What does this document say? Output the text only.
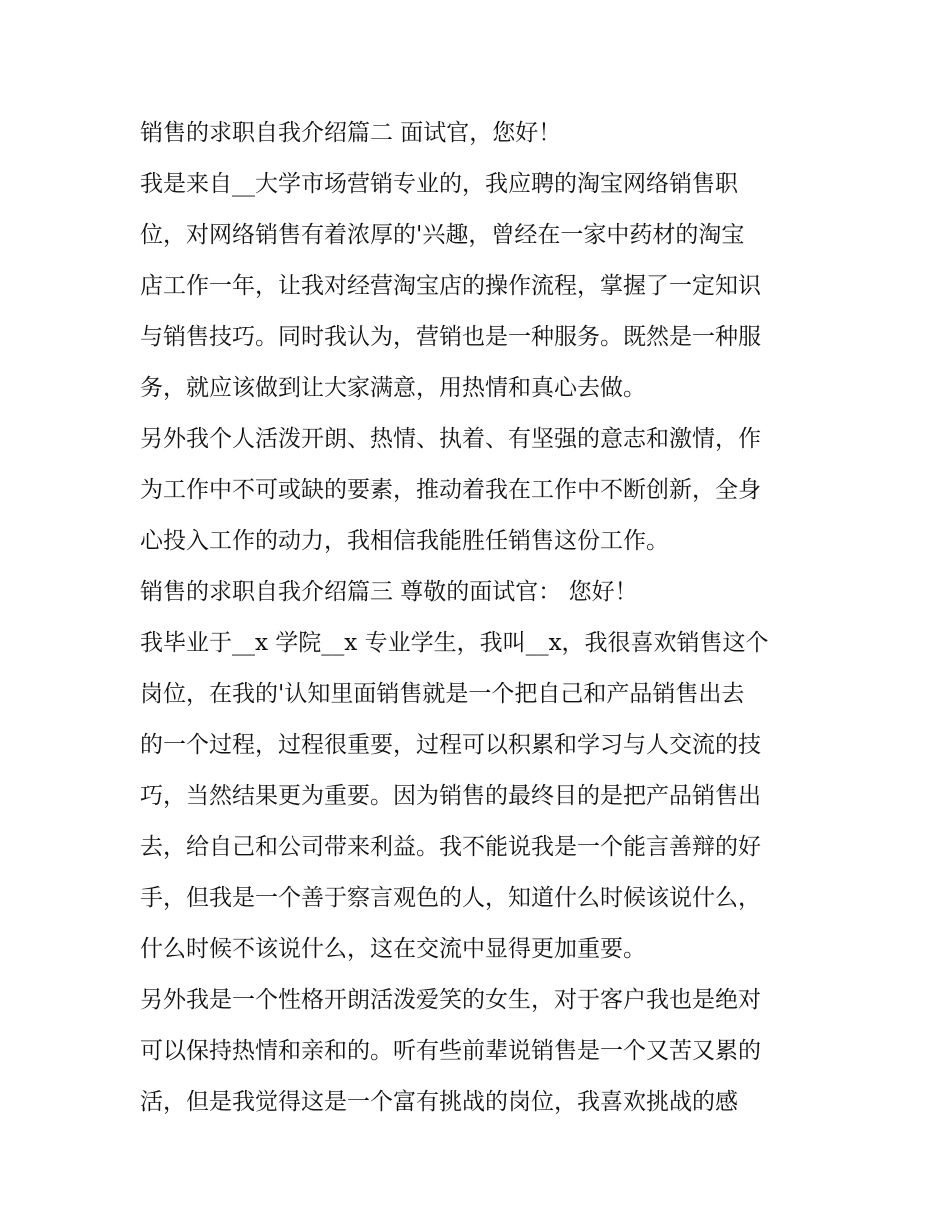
销售的求职自我介绍篇二 面试官，您好！
我是来自__大学市场营销专业的，我应聘的淘宝网络销售职
位，对网络销售有着浓厚的'兴趣，曾经在一家中药材的淘宝
店工作一年，让我对经营淘宝店的操作流程，掌握了一定知识
与销售技巧。同时我认为，营销也是一种服务。既然是一种服
务，就应该做到让大家满意，用热情和真心去做。
另外我个人活泼开朗、热情、执着、有坚强的意志和激情，作
为工作中不可或缺的要素，推动着我在工作中不断创新，全身
心投入工作的动力，我相信我能胜任销售这份工作。
销售的求职自我介绍篇三 尊敬的面试官： 您好！
我毕业于__x 学院__x 专业学生，我叫__x，我很喜欢销售这个
岗位，在我的'认知里面销售就是一个把自己和产品销售出去
的一个过程，过程很重要，过程可以积累和学习与人交流的技
巧，当然结果更为重要。因为销售的最终目的是把产品销售出
去，给自己和公司带来利益。我不能说我是一个能言善辩的好
手，但我是一个善于察言观色的人，知道什么时候该说什么，
什么时候不该说什么，这在交流中显得更加重要。
另外我是一个性格开朗活泼爱笑的女生，对于客户我也是绝对
可以保持热情和亲和的。听有些前辈说销售是一个又苦又累的
活，但是我觉得这是一个富有挑战的岗位，我喜欢挑战的感
